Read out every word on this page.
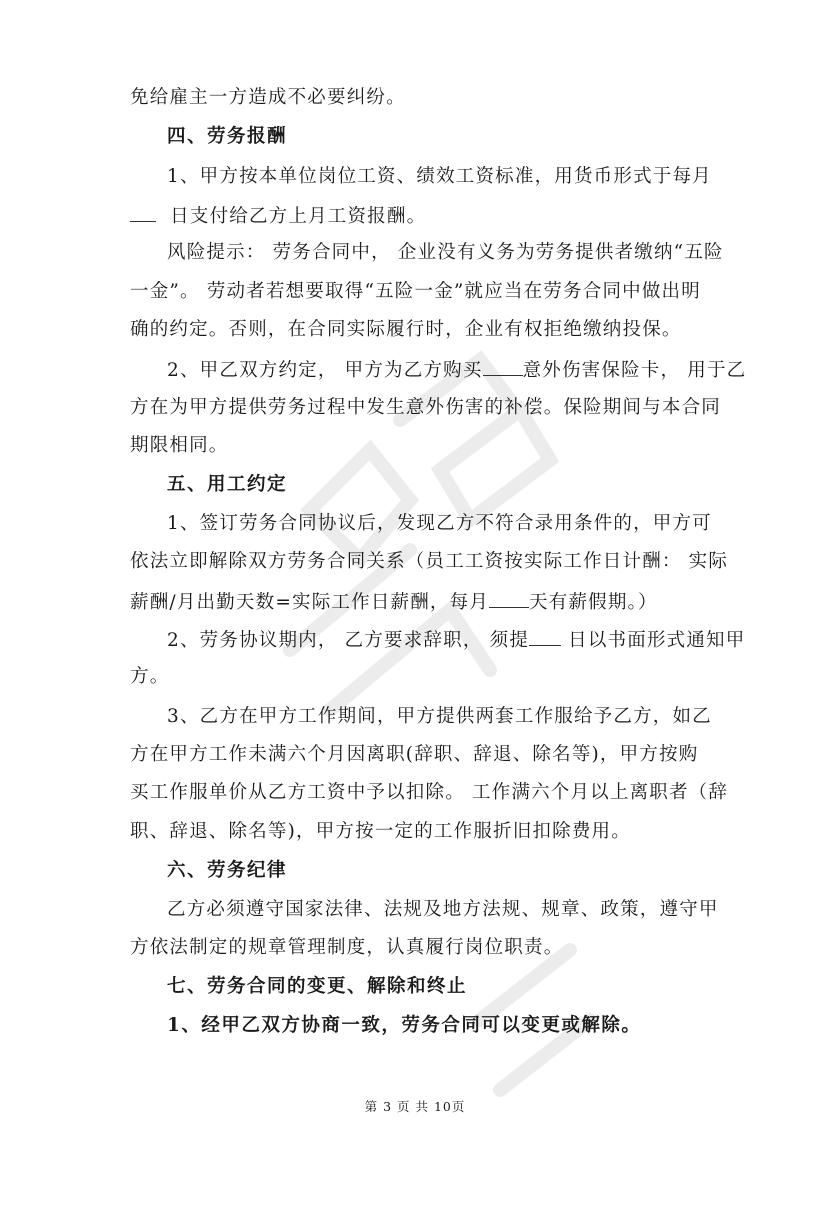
免给雇主一方造成不必要纠纷。
四、劳务报酬
1、甲方按本单位岗位工资、绩效工资标准，用货币形式于每月
日支付给乙方上月工资报酬。
风险提示： 劳务合同中， 企业没有义务为劳务提供者缴纳“五险
一金”。 劳动者若想要取得“五险一金”就应当在劳务合同中做出明
确的约定。否则，在合同实际履行时，企业有权拒绝缴纳投保。
2、甲乙双方约定， 甲方为乙方购买 意外伤害保险卡， 用于乙
方在为甲方提供劳务过程中发生意外伤害的补偿。保险期间与本合同
期限相同。
五、用工约定
1、签订劳务合同协议后，发现乙方不符合录用条件的，甲方可
依法立即解除双方劳务合同关系（员工工资按实际工作日计酬： 实际
薪酬/月出勤天数=实际工作日薪酬，每月 天有薪假期。）
2、劳务协议期内， 乙方要求辞职， 须提 日以书面形式通知甲
方。
3、乙方在甲方工作期间，甲方提供两套工作服给予乙方，如乙
方在甲方工作未满六个月因离职(辞职、辞退、除名等)，甲方按购
买工作服单价从乙方工资中予以扣除。 工作满六个月以上离职者（辞
职、辞退、除名等)，甲方按一定的工作服折旧扣除费用。
六、劳务纪律
乙方必须遵守国家法律、法规及地方法规、规章、政策，遵守甲
方依法制定的规章管理制度，认真履行岗位职责。
七、劳务合同的变更、解除和终止
1、经甲乙双方协商一致，劳务合同可以变更或解除。
第 3 页 共 10页
